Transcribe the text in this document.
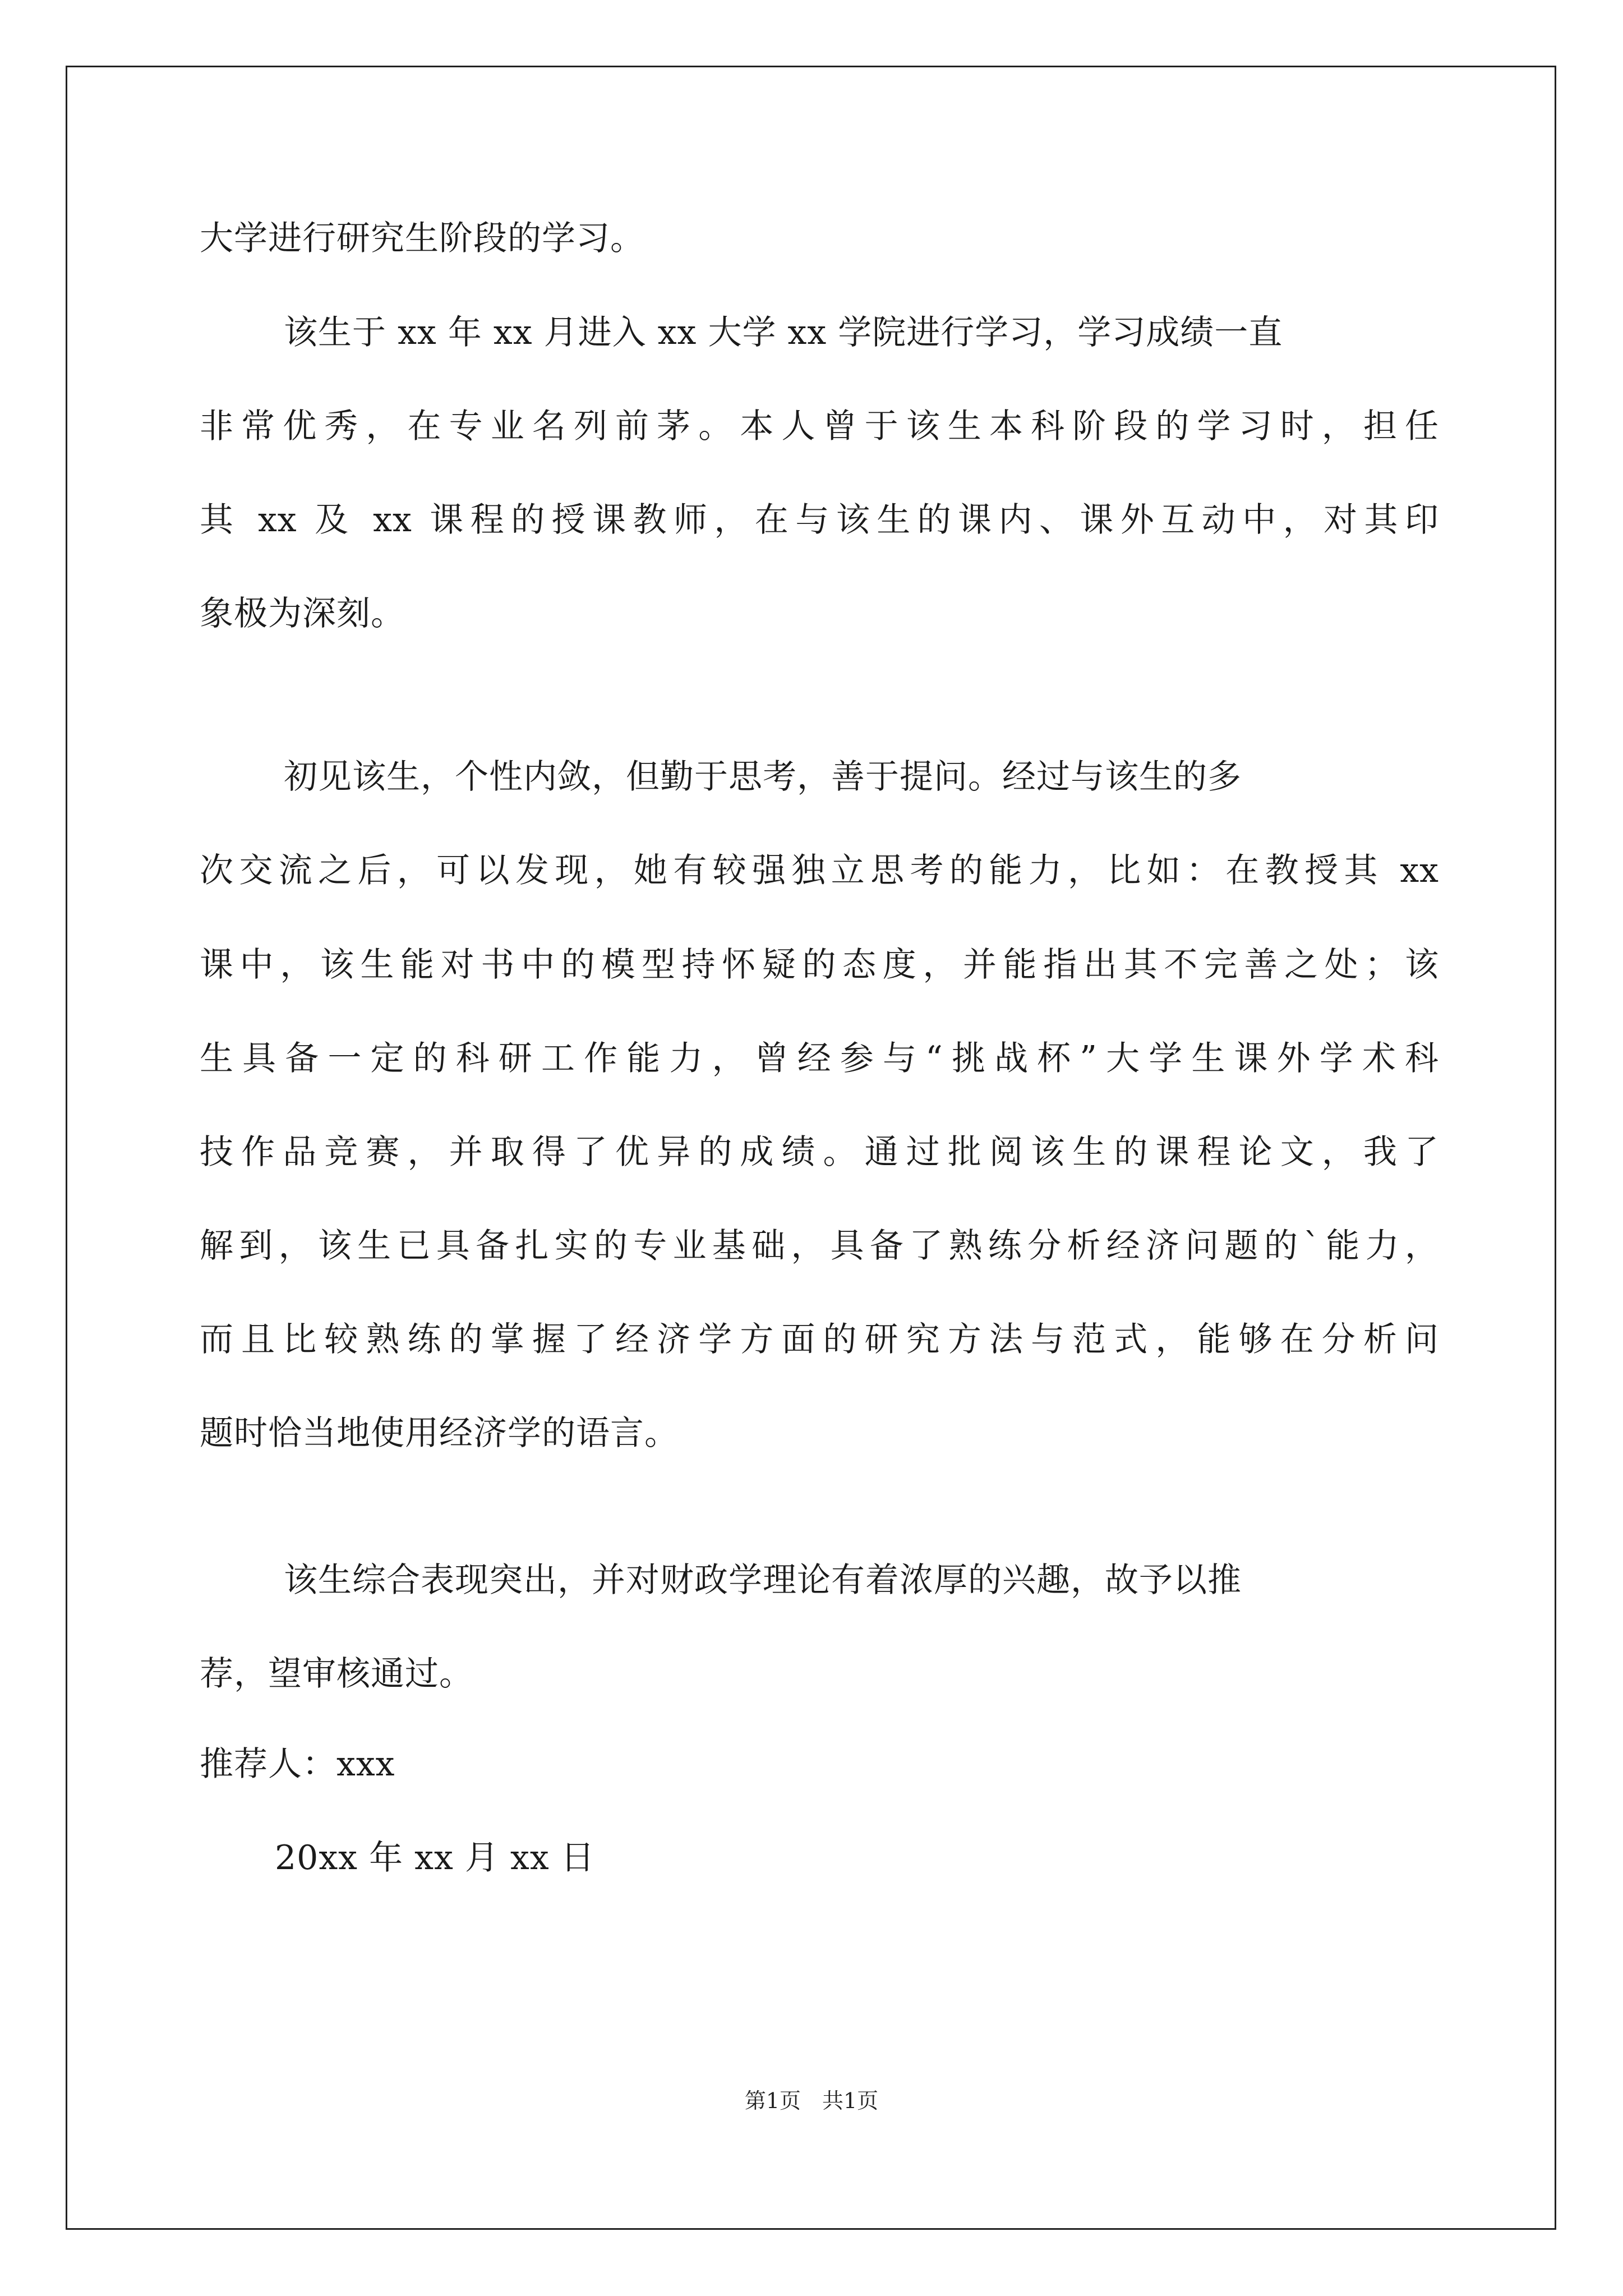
大学进行研究生阶段的学习。
该生于 xx 年 xx 月进入 xx 大学 xx 学院进行学习，学习成绩一直
非常优秀，在专业名列前茅。本人曾于该生本科阶段的学习时，担任
其 xx 及 xx 课程的授课教师，在与该生的课内、课外互动中，对其印
象极为深刻。
初见该生，个性内敛，但勤于思考，善于提问。经过与该生的多
次交流之后，可以发现，她有较强独立思考的能力，比如：在教授其 xx
课中，该生能对书中的模型持怀疑的态度，并能指出其不完善之处；该
生具备一定的科研工作能力，曾经参与“挑战杯”大学生课外学术科
技作品竞赛，并取得了优异的成绩。通过批阅该生的课程论文，我了
解到，该生已具备扎实的专业基础，具备了熟练分析经济问题的`能力，
而且比较熟练的掌握了经济学方面的研究方法与范式，能够在分析问
题时恰当地使用经济学的语言。
该生综合表现突出，并对财政学理论有着浓厚的兴趣，故予以推
荐，望审核通过。
推荐人：xxx
20xx 年 xx 月 xx 日
第1页　共1页
